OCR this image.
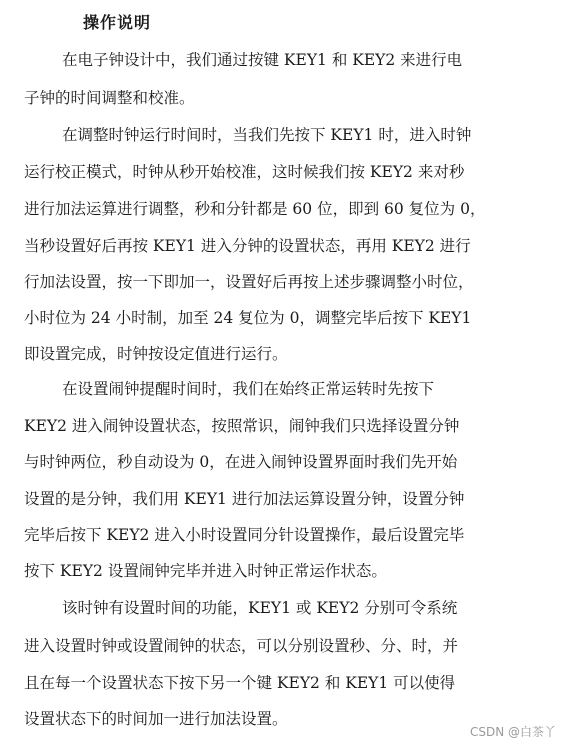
操作说明
在电子钟设计中，我们通过按键 KEY1 和 KEY2 来进行电
子钟的时间调整和校准。
在调整时钟运行时间时，当我们先按下 KEY1 时，进入时钟
运行校正模式，时钟从秒开始校准，这时候我们按 KEY2 来对秒
进行加法运算进行调整，秒和分针都是 60 位，即到 60 复位为 0，
当秒设置好后再按 KEY1 进入分钟的设置状态，再用 KEY2 进行
行加法设置，按一下即加一，设置好后再按上述步骤调整小时位，
小时位为 24 小时制，加至 24 复位为 0，调整完毕后按下 KEY1
即设置完成，时钟按设定值进行运行。
在设置闹钟提醒时间时，我们在始终正常运转时先按下
KEY2 进入闹钟设置状态，按照常识，闹钟我们只选择设置分钟
与时钟两位，秒自动设为 0，在进入闹钟设置界面时我们先开始
设置的是分钟，我们用 KEY1 进行加法运算设置分钟，设置分钟
完毕后按下 KEY2 进入小时设置同分针设置操作，最后设置完毕
按下 KEY2 设置闹钟完毕并进入时钟正常运作状态。
该时钟有设置时间的功能，KEY1 或 KEY2 分别可令系统
进入设置时钟或设置闹钟的状态，可以分别设置秒、分、时，并
且在每一个设置状态下按下另一个键 KEY2 和 KEY1 可以使得
设置状态下的时间加一进行加法设置。
CSDN @白茶丫
